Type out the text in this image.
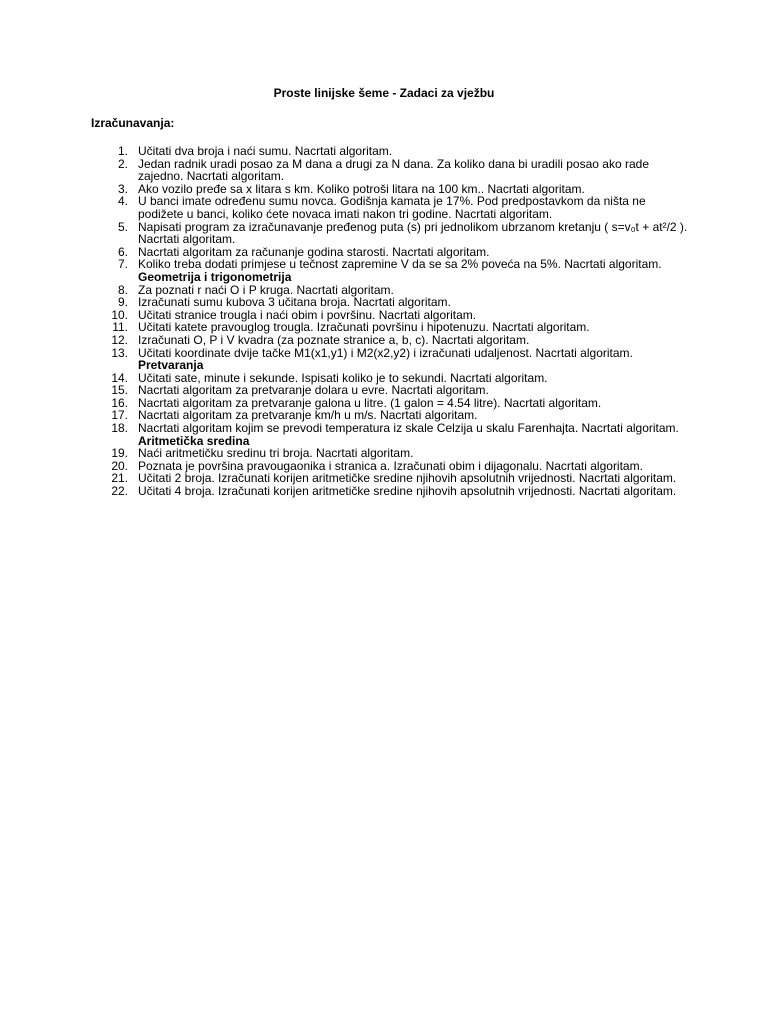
Proste linijske šeme - Zadaci za vježbu
Izračunavanja:
1. Učitati dva broja i naći sumu. Nacrtati algoritam.
2. Jedan radnik uradi posao za M dana a drugi za N dana. Za koliko dana bi uradili posao ako rade zajedno. Nacrtati algoritam.
3. Ako vozilo pređe sa x litara s km. Koliko potroši litara na 100 km.. Nacrtati algoritam.
4. U banci imate određenu sumu novca. Godišnja kamata je 17%. Pod predpostavkom da ništa ne podižete u banci, koliko ćete novaca imati nakon tri godine. Nacrtati algoritam.
5. Napisati program za izračunavanje pređenog puta (s) pri jednolikom ubrzanom kretanju ( s=v₀t + at²/2 ). Nacrtati algoritam.
6. Nacrtati algoritam za računanje godina starosti. Nacrtati algoritam.
7. Koliko treba dodati primjese u tečnost zapremine V da se sa 2% poveća na 5%. Nacrtati algoritam.
Geometrija i trigonometrija
8. Za poznati r naći O i P kruga. Nacrtati algoritam.
9. Izračunati sumu kubova 3 učitana broja. Nacrtati algoritam.
10. Učitati stranice trougla i naći obim i površinu. Nacrtati algoritam.
11. Učitati katete pravouglog trougla. Izračunati površinu i hipotenuzu. Nacrtati algoritam.
12. Izračunati O, P i V kvadra (za poznate stranice a, b, c). Nacrtati algoritam.
13. Učitati koordinate dvije tačke M1(x1,y1) i M2(x2,y2) i izračunati udaljenost. Nacrtati algoritam.
Pretvaranja
14. Učitati sate, minute i sekunde. Ispisati koliko je to sekundi. Nacrtati algoritam.
15. Nacrtati algoritam za pretvaranje dolara u evre. Nacrtati algoritam.
16. Nacrtati algoritam za pretvaranje galona u litre. (1 galon = 4.54 litre). Nacrtati algoritam.
17. Nacrtati algoritam za pretvaranje km/h u m/s. Nacrtati algoritam.
18. Nacrtati algoritam kojim se prevodi temperatura iz skale Celzija u skalu Farenhajta. Nacrtati algoritam.
Aritmetička sredina
19. Naći aritmetičku sredinu tri broja. Nacrtati algoritam.
20. Poznata je površina pravougaonika i stranica a. Izračunati obim i dijagonalu. Nacrtati algoritam.
21. Učitati 2 broja. Izračunati korijen aritmetičke sredine njihovih apsolutnih vrijednosti. Nacrtati algoritam.
22. Učitati 4 broja. Izračunati korijen aritmetičke sredine njihovih apsolutnih vrijednosti. Nacrtati algoritam.
